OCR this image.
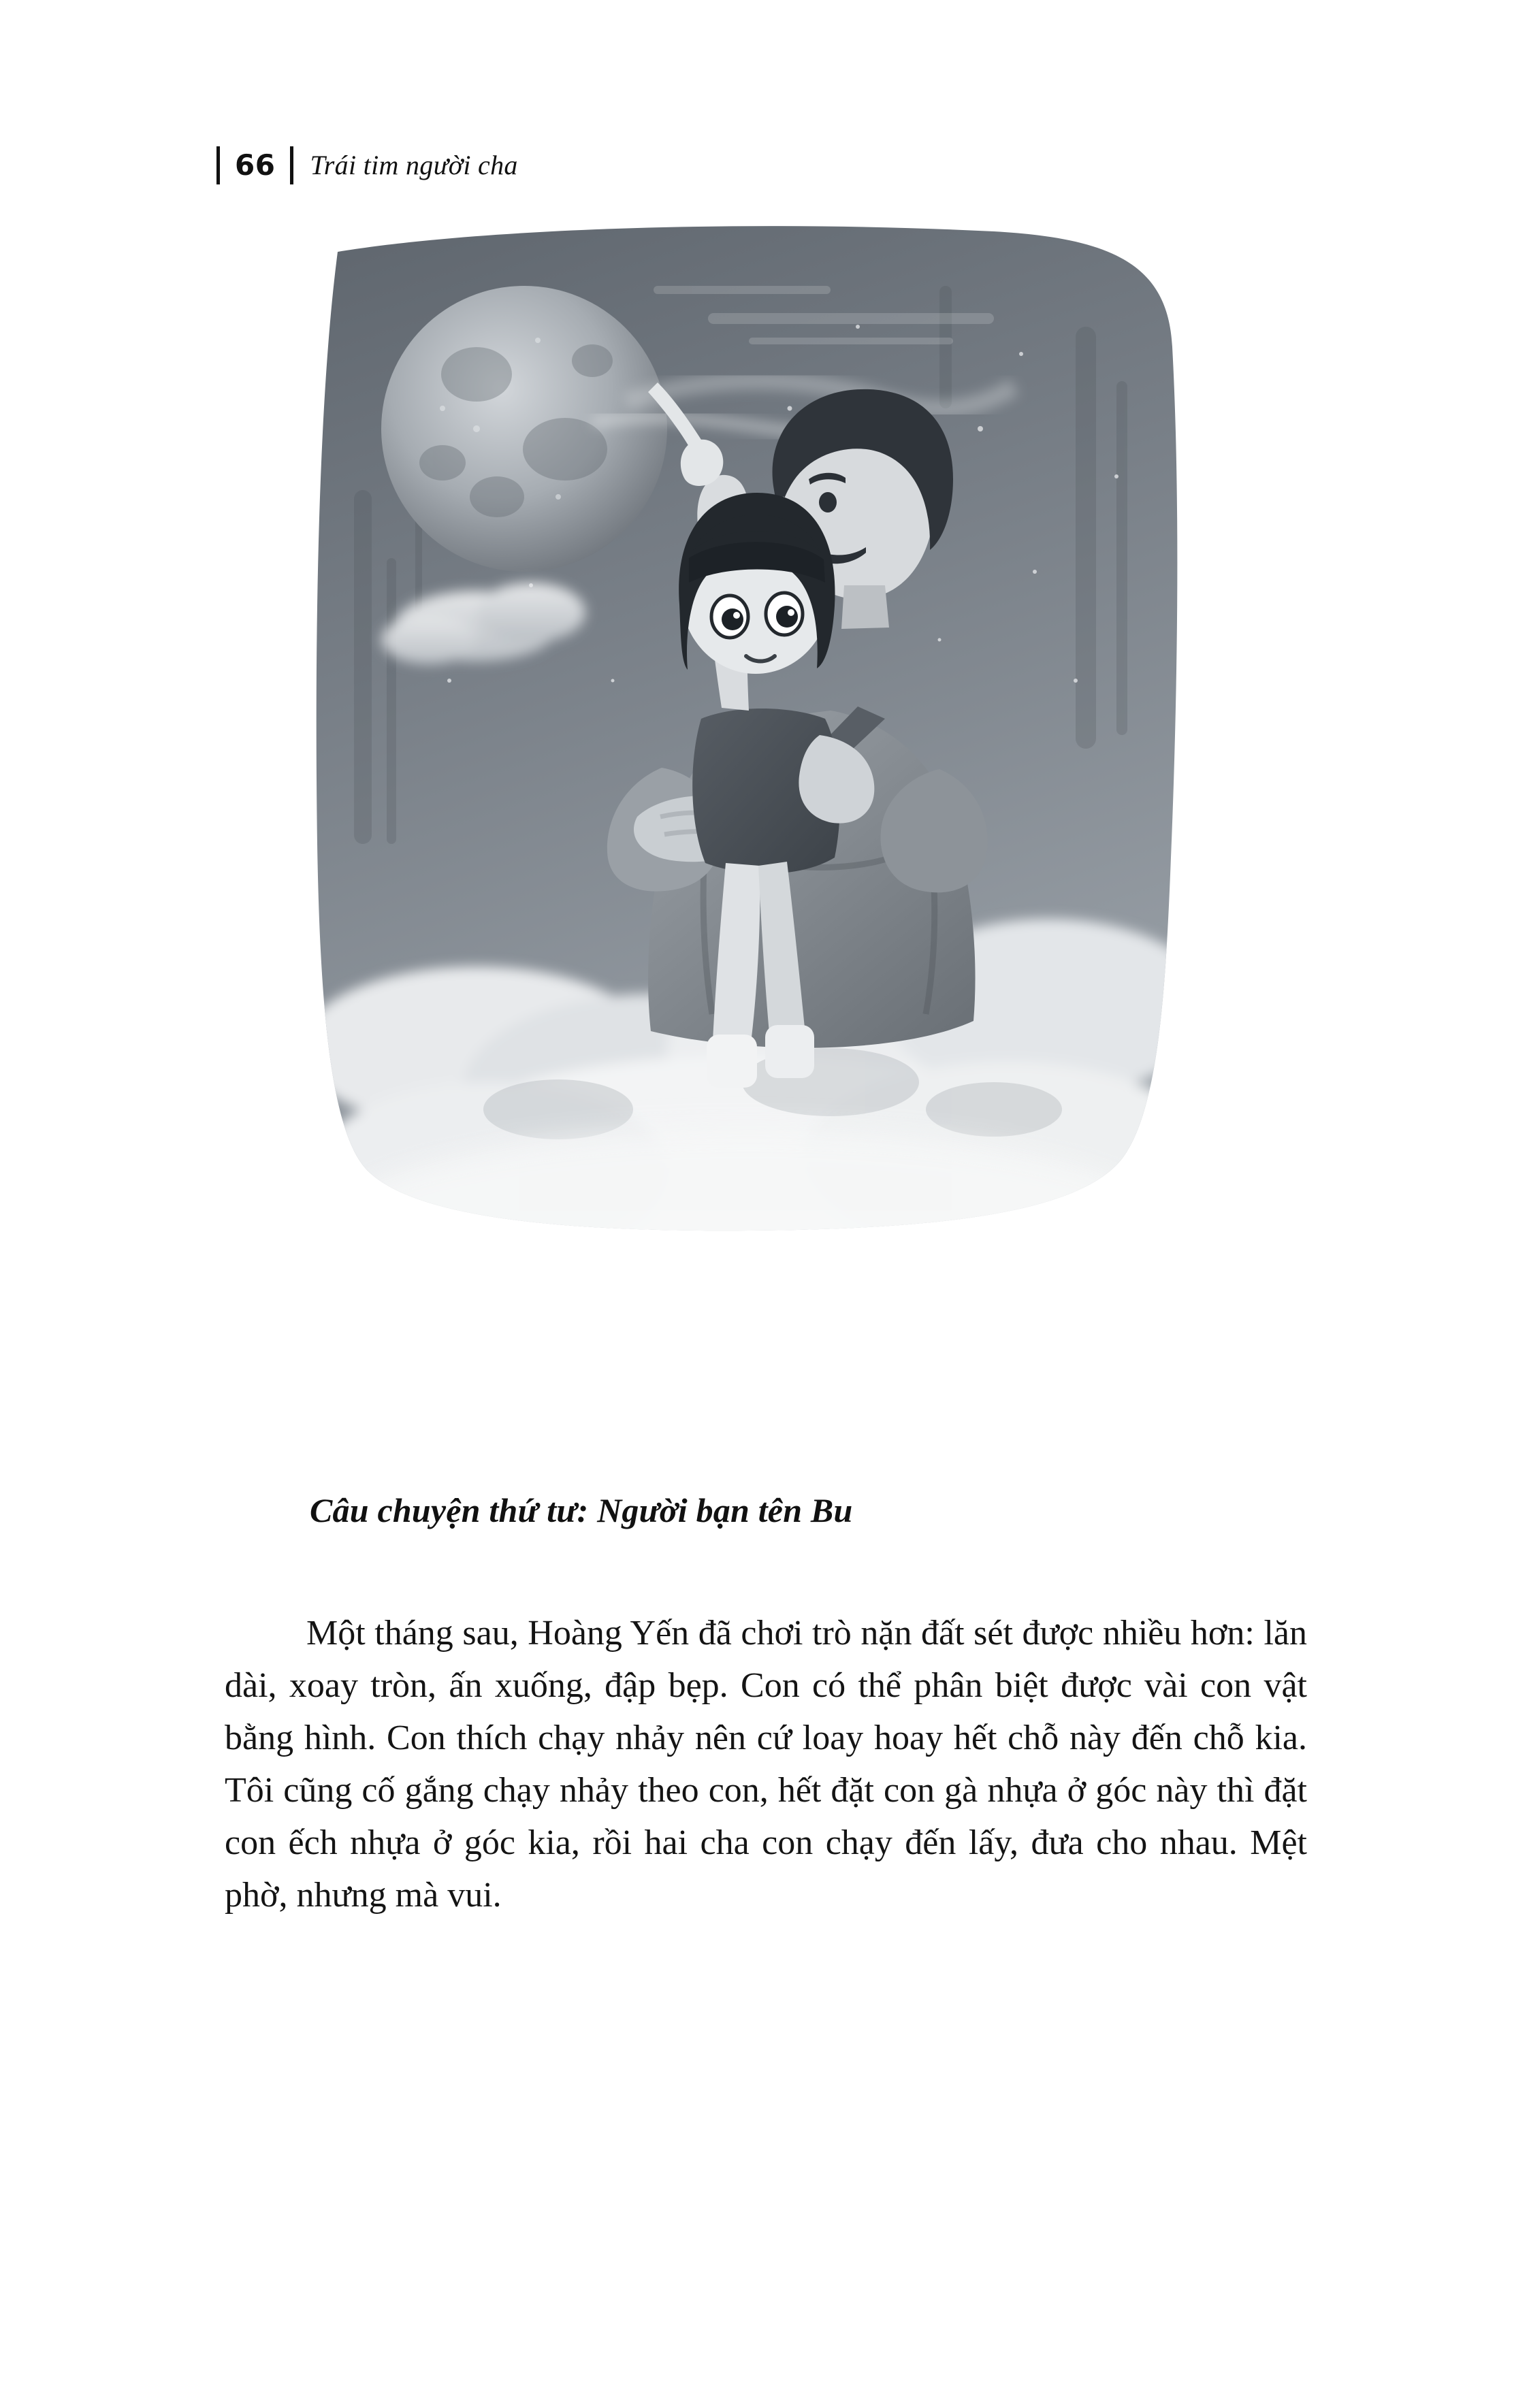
66	Trái tim người cha
Câu chuyện thứ tư: Người bạn tên Bu

Một tháng sau, Hoàng Yến đã chơi trò nặn đất sét được nhiều hơn: lăn dài, xoay tròn, ấn xuống, đập bẹp. Con có thể phân biệt được vài con vật bằng hình. Con thích chạy nhảy nên cứ loay hoay hết chỗ này đến chỗ kia. Tôi cũng cố gắng chạy nhảy theo con, hết đặt con gà nhựa ở góc này thì đặt con ếch nhựa ở góc kia, rồi hai cha con chạy đến lấy, đưa cho nhau. Mệt phờ, nhưng mà vui.
